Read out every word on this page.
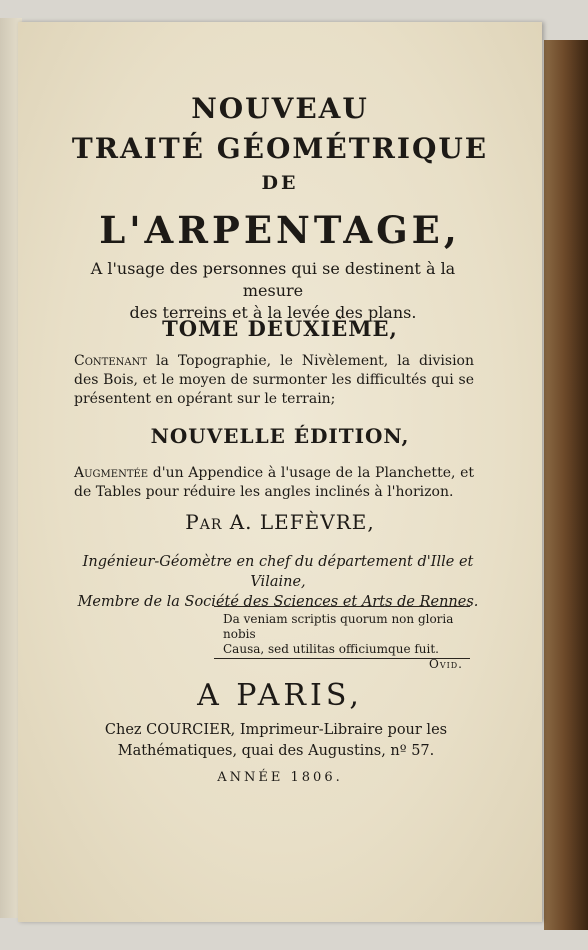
NOUVEAU

TRAITÉ GÉOMÉTRIQUE

DE

L'ARPENTAGE,

A l'usage des personnes qui se destinent à la mesure
des terreins et à la levée des plans.

TOME DEUXIÈME,

Contenant la Topographie, le Nivèlement, la division des Bois, et le moyen de surmonter les difficultés qui se présentent en opérant sur le terrain;

NOUVELLE ÉDITION,

Augmentée d'un Appendice à l'usage de la Planchette, et de Tables pour réduire les angles inclinés à l'horizon.

Par A. LEFÈVRE,

Ingénieur-Géomètre en chef du département d'Ille et Vilaine,
Membre de la Société des Sciences et Arts de Rennes.
Da veniam scriptis quorum non gloria nobis
Causa, sed utilitas officiumque fuit.
Ovid.

A PARIS,

Chez COURCIER, Imprimeur-Libraire pour les Mathématiques, quai des Augustins, nº 57.

ANNÉE 1806.
